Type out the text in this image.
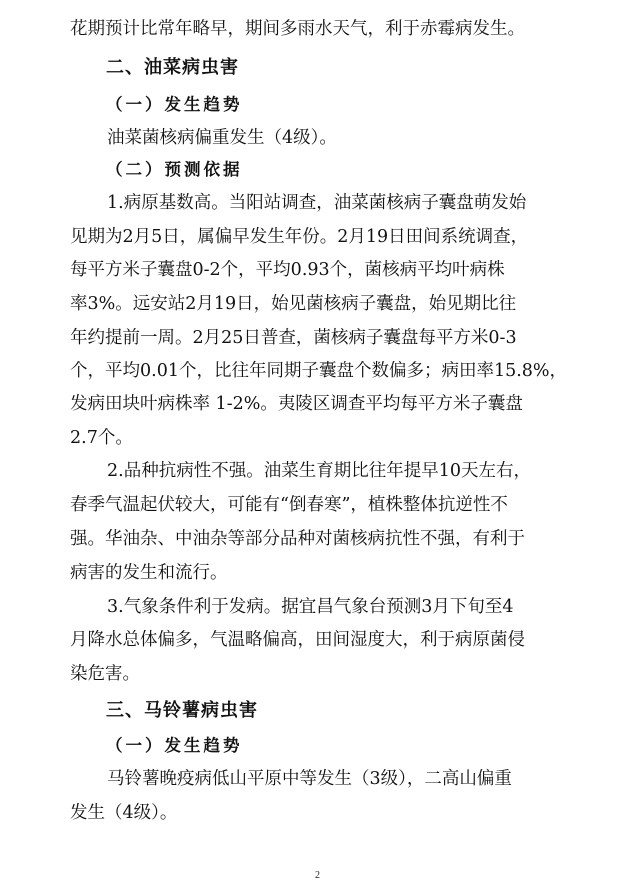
花期预计比常年略早，期间多雨水天气，利于赤霉病发生。
二、油菜病虫害
（一）发生趋势
油菜菌核病偏重发生（4级）。
（二）预测依据
1.病原基数高。当阳站调查，油菜菌核病子囊盘萌发始
见期为2月5日，属偏早发生年份。2月19日田间系统调查，
每平方米子囊盘0-2个，平均0.93个，菌核病平均叶病株
率3%。远安站2月19日，始见菌核病子囊盘，始见期比往
年约提前一周。2月25日普查，菌核病子囊盘每平方米0-3
个，平均0.01个，比往年同期子囊盘个数偏多；病田率15.8%，
发病田块叶病株率 1-2%。夷陵区调查平均每平方米子囊盘
2.7个。
2.品种抗病性不强。油菜生育期比往年提早10天左右，
春季气温起伏较大，可能有“倒春寒”，植株整体抗逆性不
强。华油杂、中油杂等部分品种对菌核病抗性不强，有利于
病害的发生和流行。
3.气象条件利于发病。据宜昌气象台预测3月下旬至4
月降水总体偏多，气温略偏高，田间湿度大，利于病原菌侵
染危害。
三、马铃薯病虫害
（一）发生趋势
马铃薯晚疫病低山平原中等发生（3级），二高山偏重
发生（4级）。
2
